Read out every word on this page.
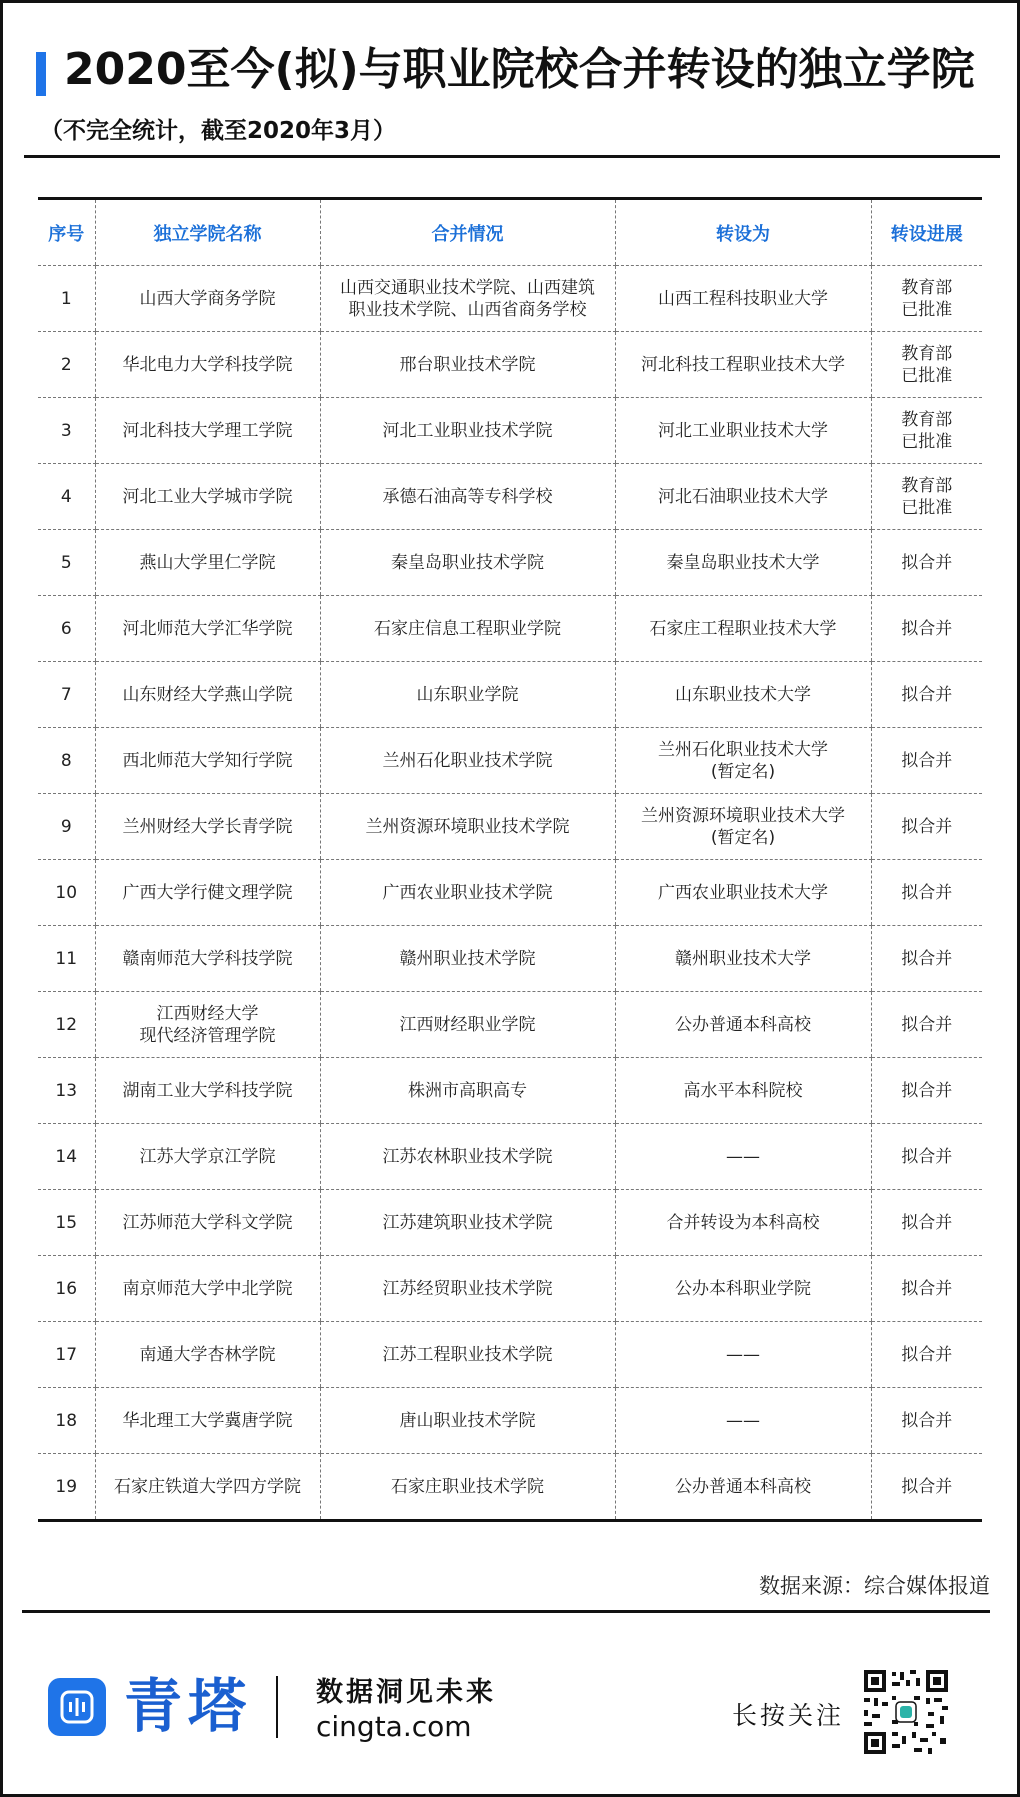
2020至今(拟)与职业院校合并转设的独立学院
（不完全统计，截至2020年3月）
序号	独立学院名称	合并情况	转设为	转设进展
1	山西大学商务学院	山西交通职业技术学院、山西建筑
职业技术学院、山西省商务学校	山西工程科技职业大学	教育部
已批准
2	华北电力大学科技学院	邢台职业技术学院	河北科技工程职业技术大学	教育部
已批准
3	河北科技大学理工学院	河北工业职业技术学院	河北工业职业技术大学	教育部
已批准
4	河北工业大学城市学院	承德石油高等专科学校	河北石油职业技术大学	教育部
已批准
5	燕山大学里仁学院	秦皇岛职业技术学院	秦皇岛职业技术大学	拟合并
6	河北师范大学汇华学院	石家庄信息工程职业学院	石家庄工程职业技术大学	拟合并
7	山东财经大学燕山学院	山东职业学院	山东职业技术大学	拟合并
8	西北师范大学知行学院	兰州石化职业技术学院	兰州石化职业技术大学
(暂定名)	拟合并
9	兰州财经大学长青学院	兰州资源环境职业技术学院	兰州资源环境职业技术大学
(暂定名)	拟合并
10	广西大学行健文理学院	广西农业职业技术学院	广西农业职业技术大学	拟合并
11	赣南师范大学科技学院	赣州职业技术学院	赣州职业技术大学	拟合并
12	江西财经大学
现代经济管理学院	江西财经职业学院	公办普通本科高校	拟合并
13	湖南工业大学科技学院	株洲市高职高专	高水平本科院校	拟合并
14	江苏大学京江学院	江苏农林职业技术学院	——	拟合并
15	江苏师范大学科文学院	江苏建筑职业技术学院	合并转设为本科高校	拟合并
16	南京师范大学中北学院	江苏经贸职业技术学院	公办本科职业学院	拟合并
17	南通大学杏林学院	江苏工程职业技术学院	——	拟合并
18	华北理工大学冀唐学院	唐山职业技术学院	——	拟合并
19	石家庄铁道大学四方学院	石家庄职业技术学院	公办普通本科高校	拟合并
数据来源：综合媒体报道
青塔 数据洞见未来
cingta.com	长按关注
